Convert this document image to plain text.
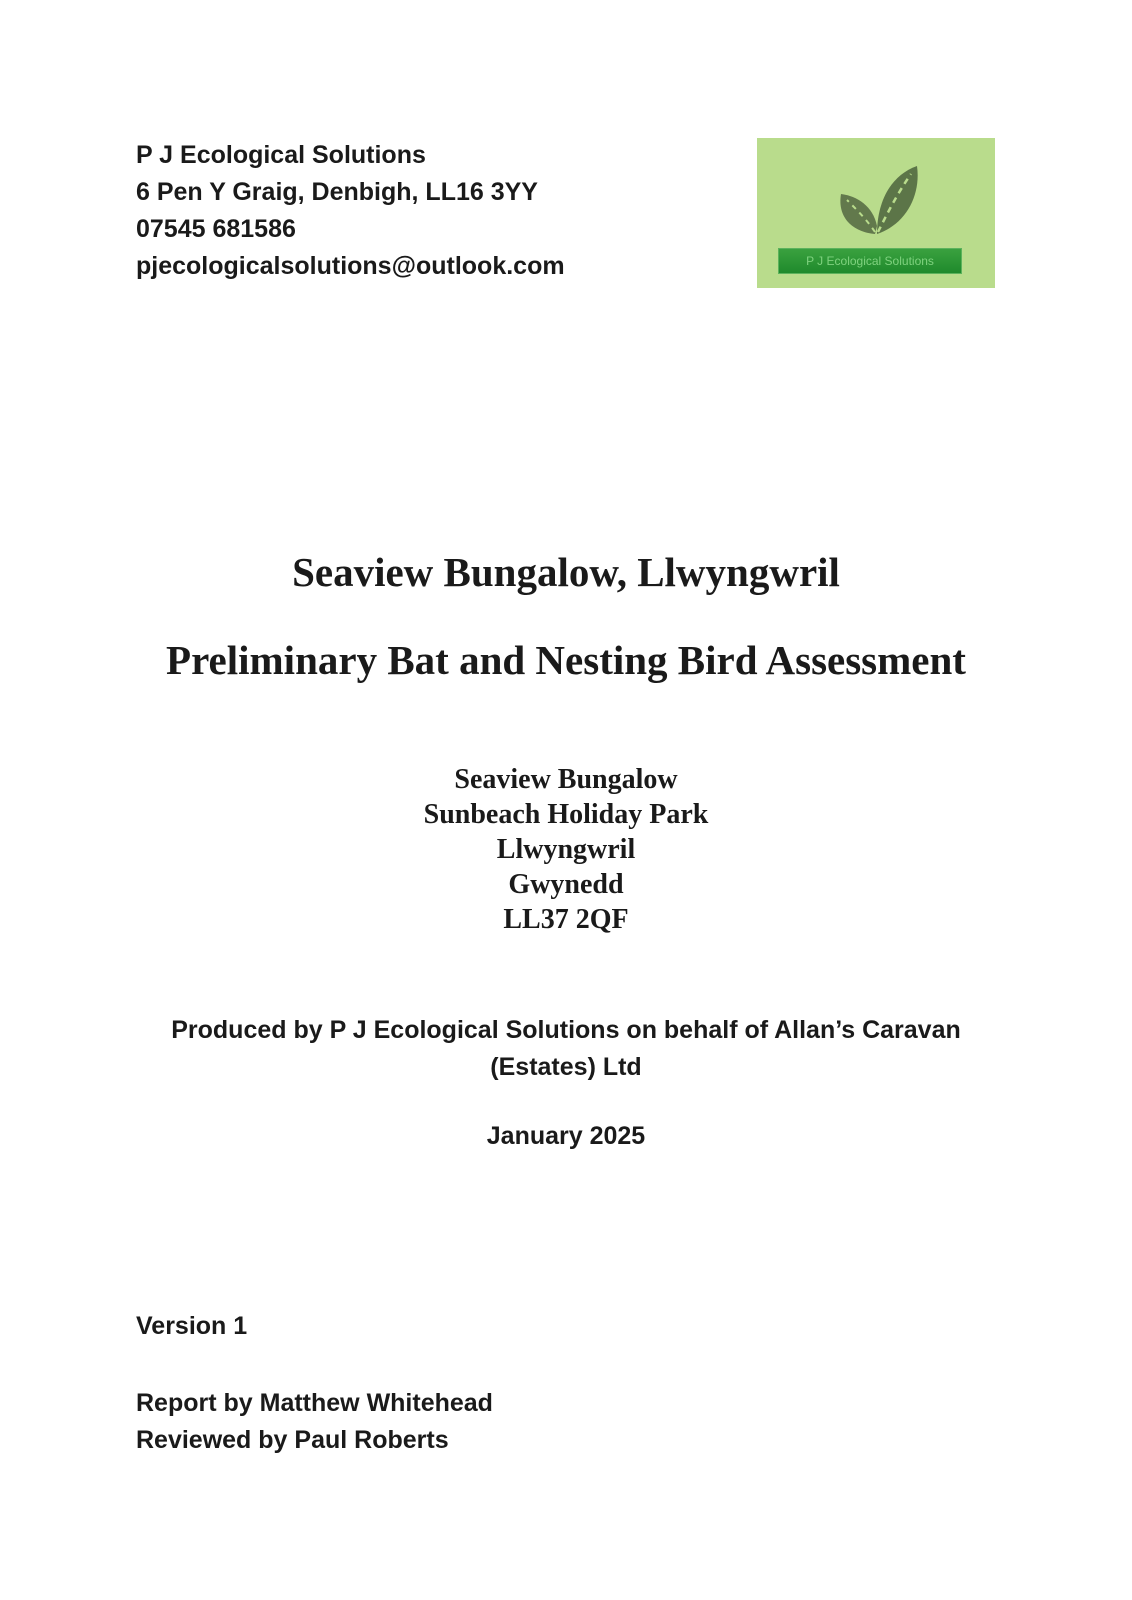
P J Ecological Solutions
6 Pen Y Graig, Denbigh, LL16 3YY
07545 681586
pjecologicalsolutions@outlook.com	P J Ecological Solutions
Seaview Bungalow, Llwyngwril
Preliminary Bat and Nesting Bird Assessment
Seaview Bungalow
Sunbeach Holiday Park
Llwyngwril
Gwynedd
LL37 2QF
Produced by P J Ecological Solutions on behalf of Allan’s Caravan
(Estates) Ltd
January 2025
Version 1
Report by Matthew Whitehead
Reviewed by Paul Roberts
